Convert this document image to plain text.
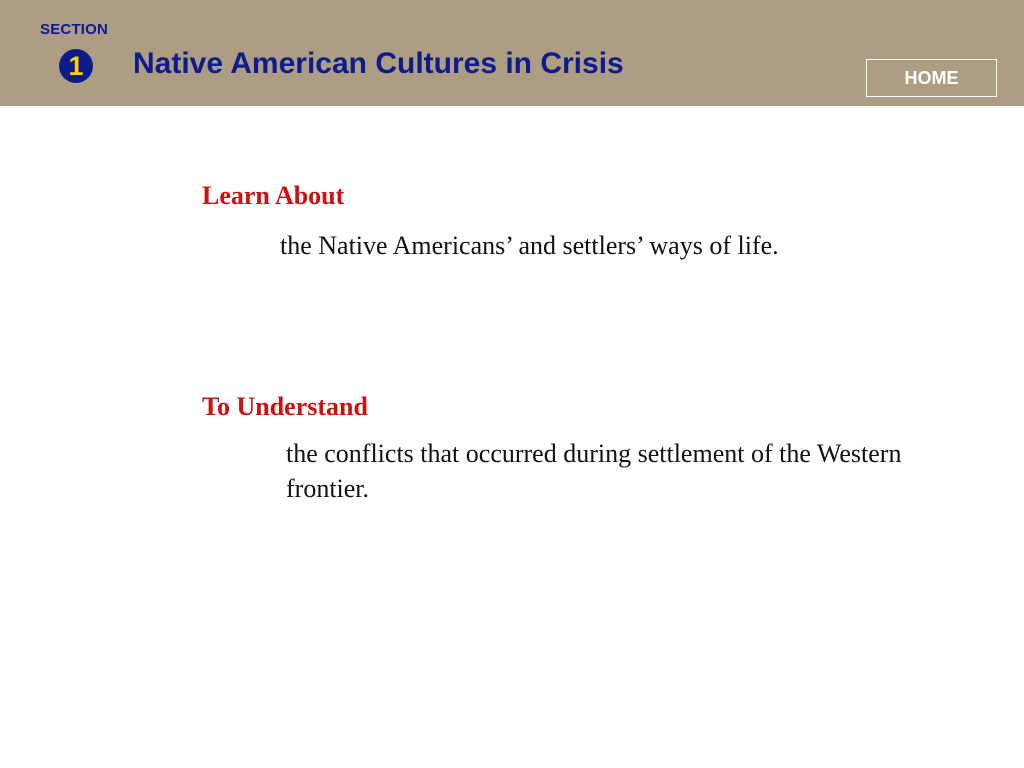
SECTION
1 Native American Cultures in Crisis	HOME
Learn About
the Native Americans’ and settlers’ ways of life.
To Understand
the conflicts that occurred during settlement of the Western frontier.
